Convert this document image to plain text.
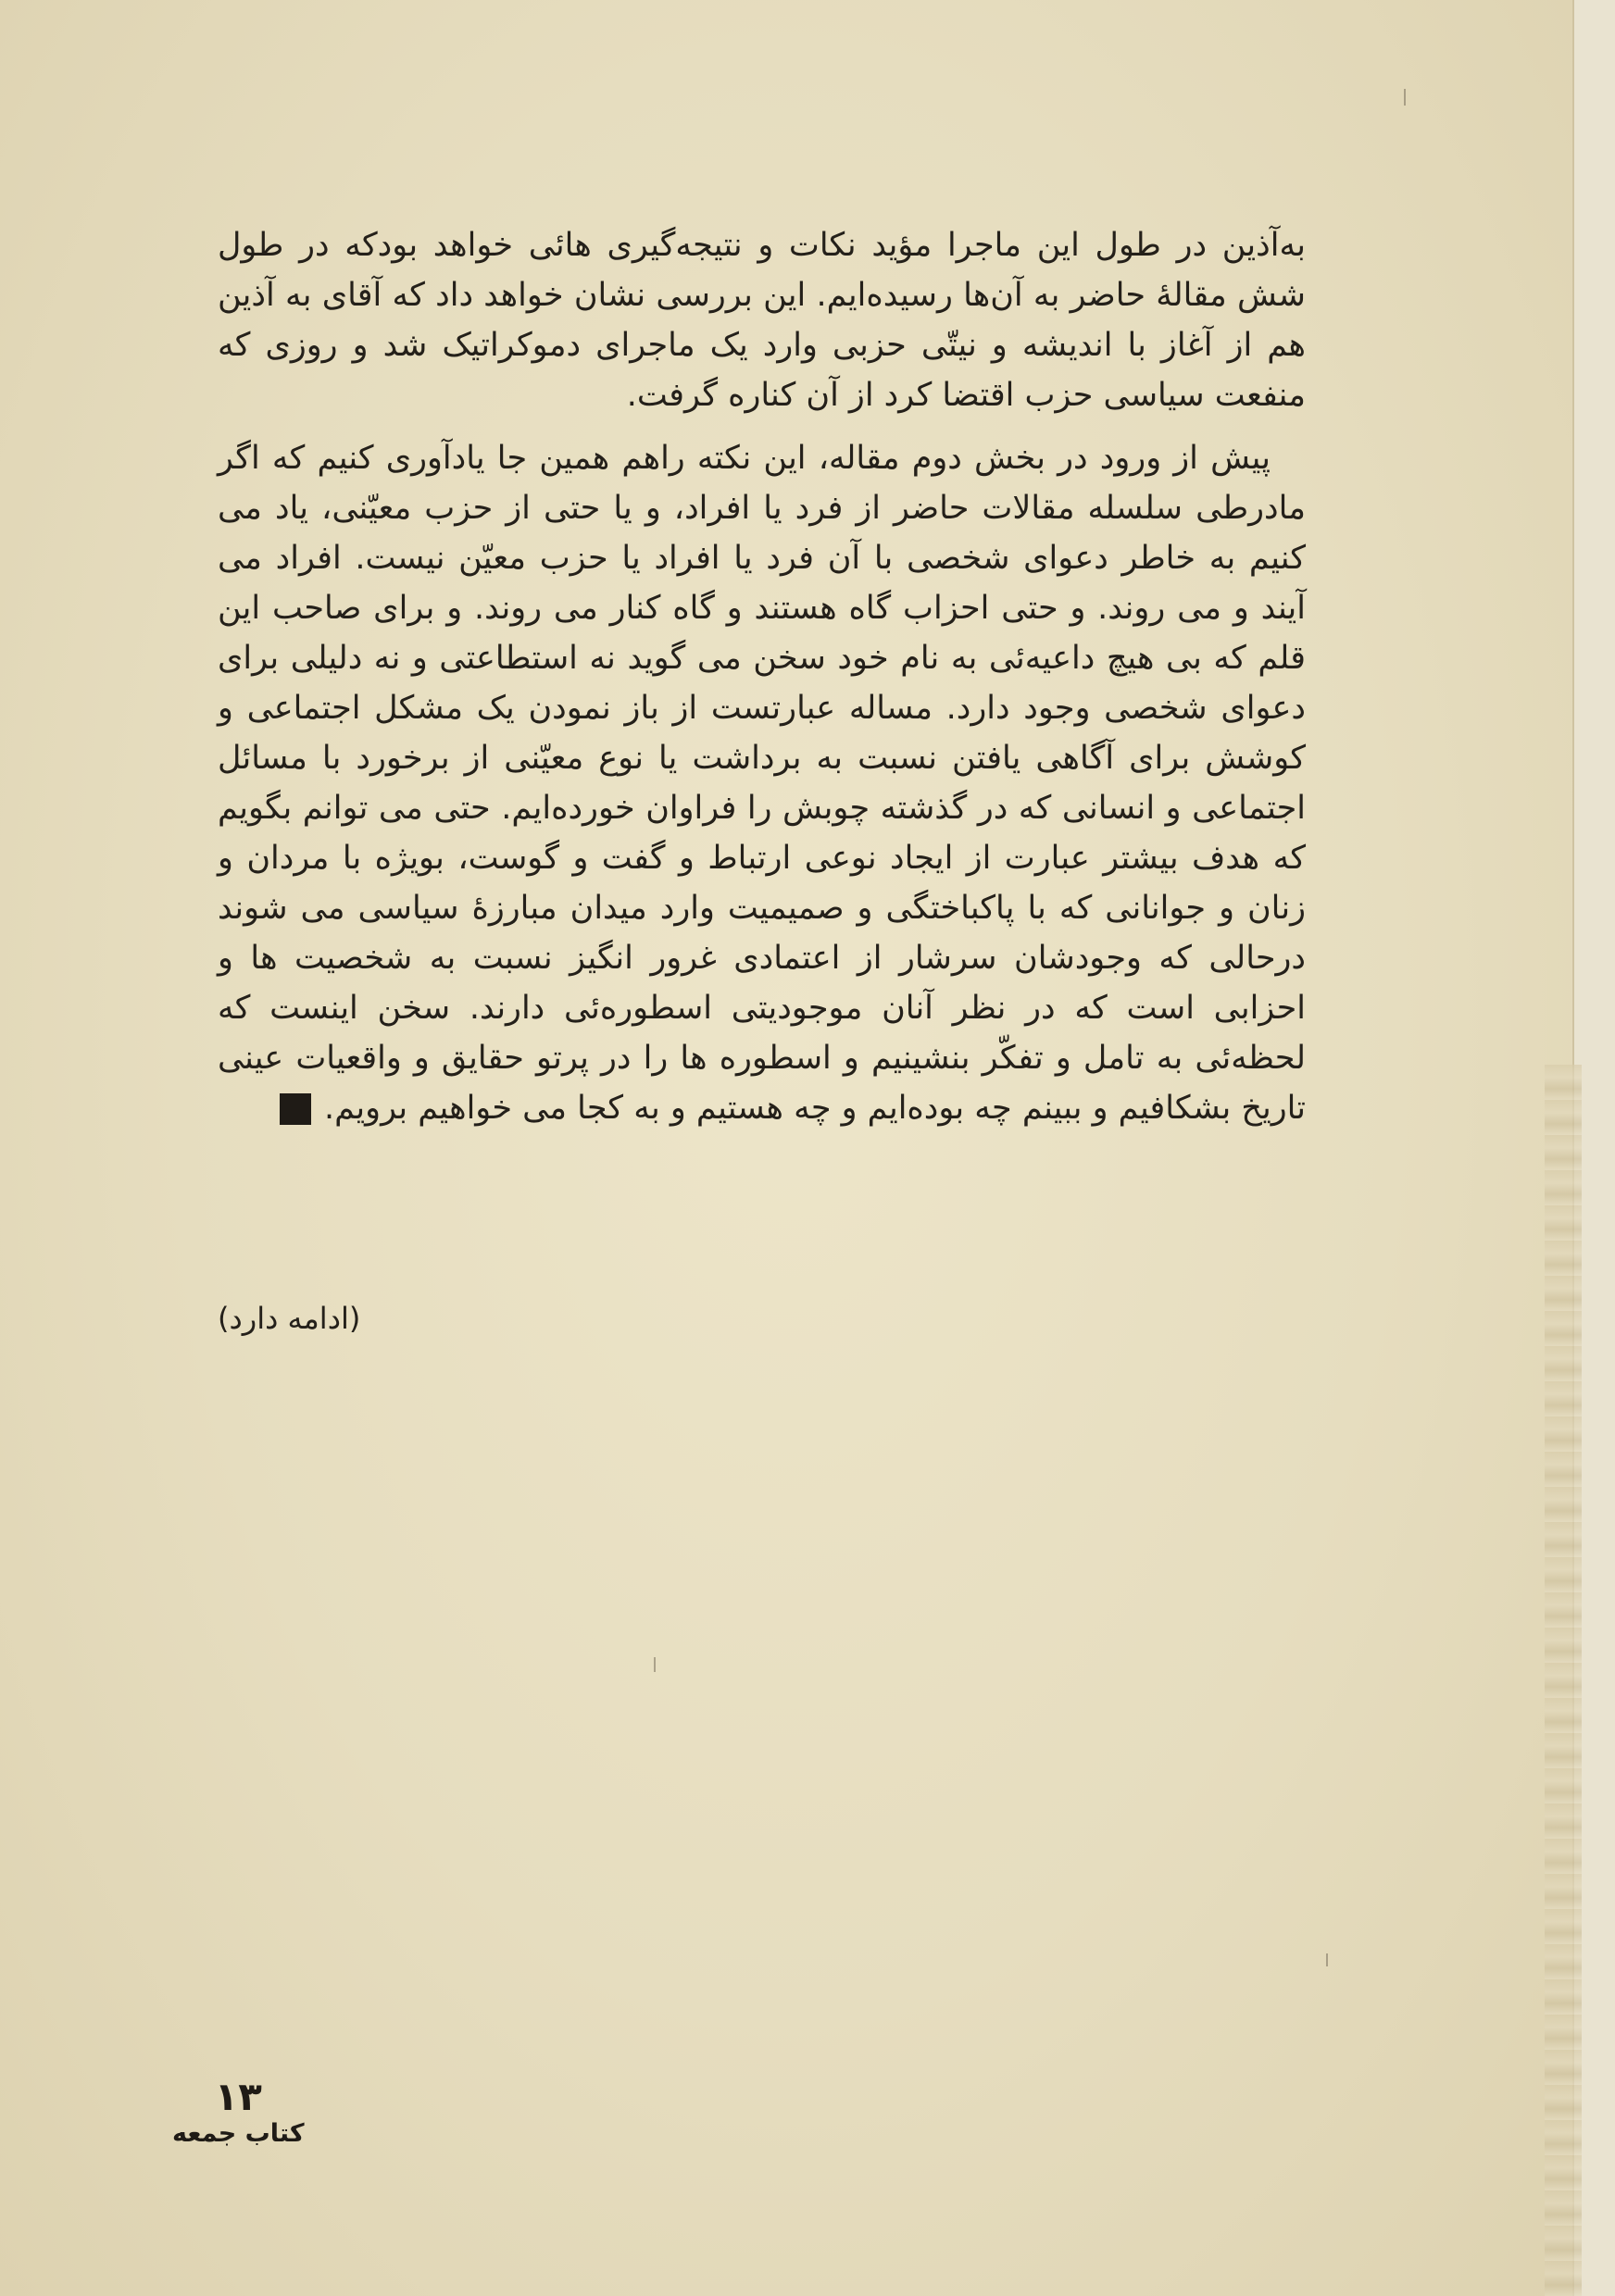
به‌آذین در طول این ماجرا مؤید نکات و نتیجه‌گیری هائی خواهد بودکه در طول شش مقالهٔ حاضر به آن‌ها رسیده‌ایم. این بررسی نشان خواهد داد که آقای به آذین هم از آغاز با اندیشه و نیتّی حزبی وارد یک ماجرای دموکراتیک شد و روزی که منفعت سیاسی حزب اقتضا کرد از آن کناره گرفت.

پیش از ورود در بخش دوم مقاله، این نکته راهم همین جا یادآوری کنیم که اگر مادرطی سلسله مقالات حاضر از فرد یا افراد، و یا حتی از حزب معیّنی، یاد می کنیم به خاطر دعوای شخصی با آن فرد یا افراد یا حزب معیّن نیست. افراد می آیند و می روند. و حتی احزاب گاه هستند و گاه کنار می روند. و برای صاحب این قلم که بی هیچ داعیه‌ئی به نام خود سخن می گوید نه استطاعتی و نه دلیلی برای دعوای شخصی وجود دارد. مساله عبارتست از باز نمودن یک مشکل اجتماعی و کوشش برای آگاهی یافتن نسبت به برداشت یا نوع معیّنی از برخورد با مسائل اجتماعی و انسانی که در گذشته چوبش را فراوان خورده‌ایم. حتی می توانم بگویم که هدف بیشتر عبارت از ایجاد نوعی ارتباط و گفت و گوست، بویژه با مردان و زنان و جوانانی که با پاکباختگی و صمیمیت وارد میدان مبارزهٔ سیاسی می شوند درحالی که وجودشان سرشار از اعتمادی غرور انگیز نسبت به شخصیت ها و احزابی است که در نظر آنان موجودیتی اسطوره‌ئی دارند. سخن اینست که لحظه‌ئی به تامل و تفکّر بنشینیم و اسطوره ها را در پرتو حقایق و واقعیات عینی تاریخ بشکافیم و ببینم چه بوده‌ایم و چه هستیم و به کجا می خواهیم برویم.

(ادامه دارد)
۱۳
کتاب جمعه
